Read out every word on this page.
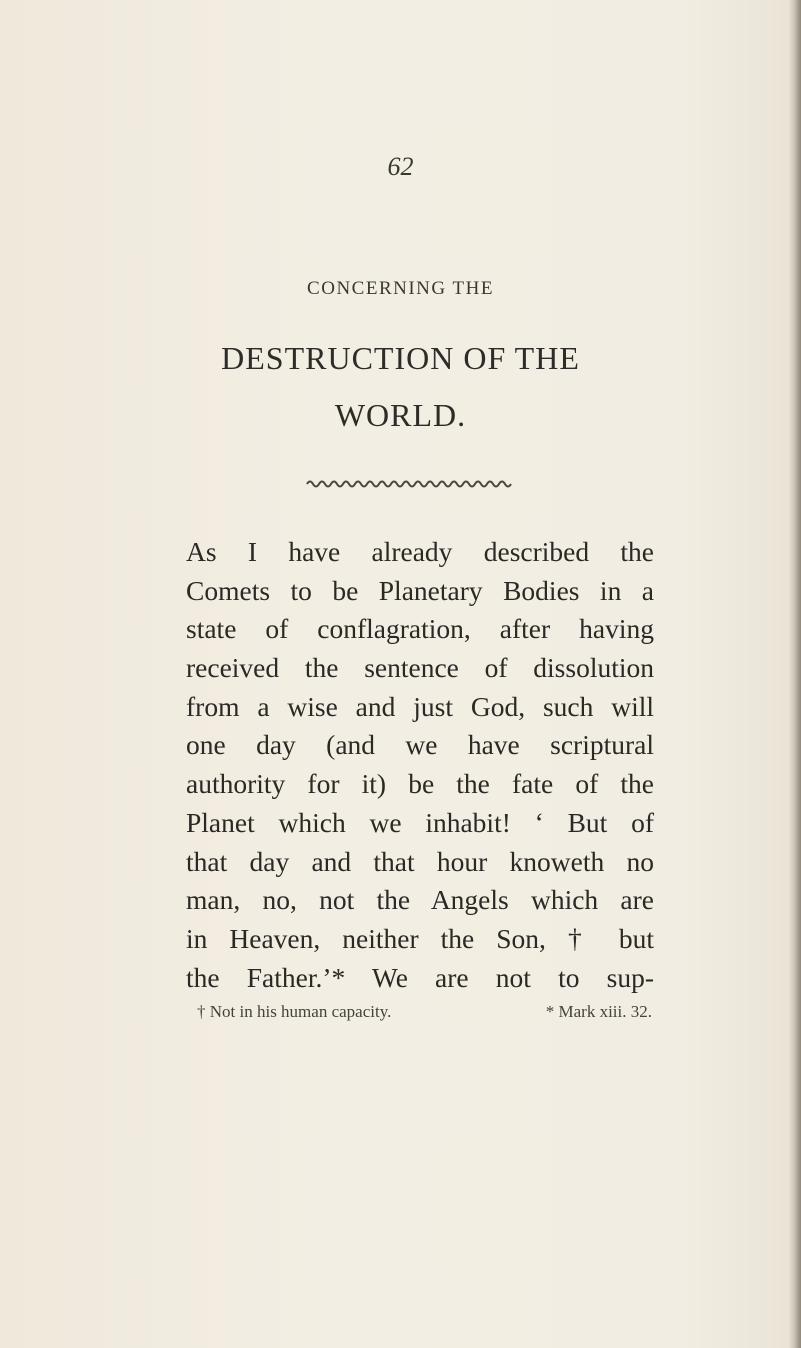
62
CONCERNING THE
DESTRUCTION OF THE
WORLD.
As I have already described the
Comets to be Planetary Bodies in a
state of conflagration, after having
received the sentence of dissolution
from a wise and just God, such will
one day (and we have scriptural
authority for it) be the fate of the
Planet which we inhabit! ‘ But of
that day and that hour knoweth no
man, no, not the Angels which are
in Heaven, neither the Son, † but
the Father.’* We are not to sup-
† Not in his human capacity.	* Mark xiii. 32.
